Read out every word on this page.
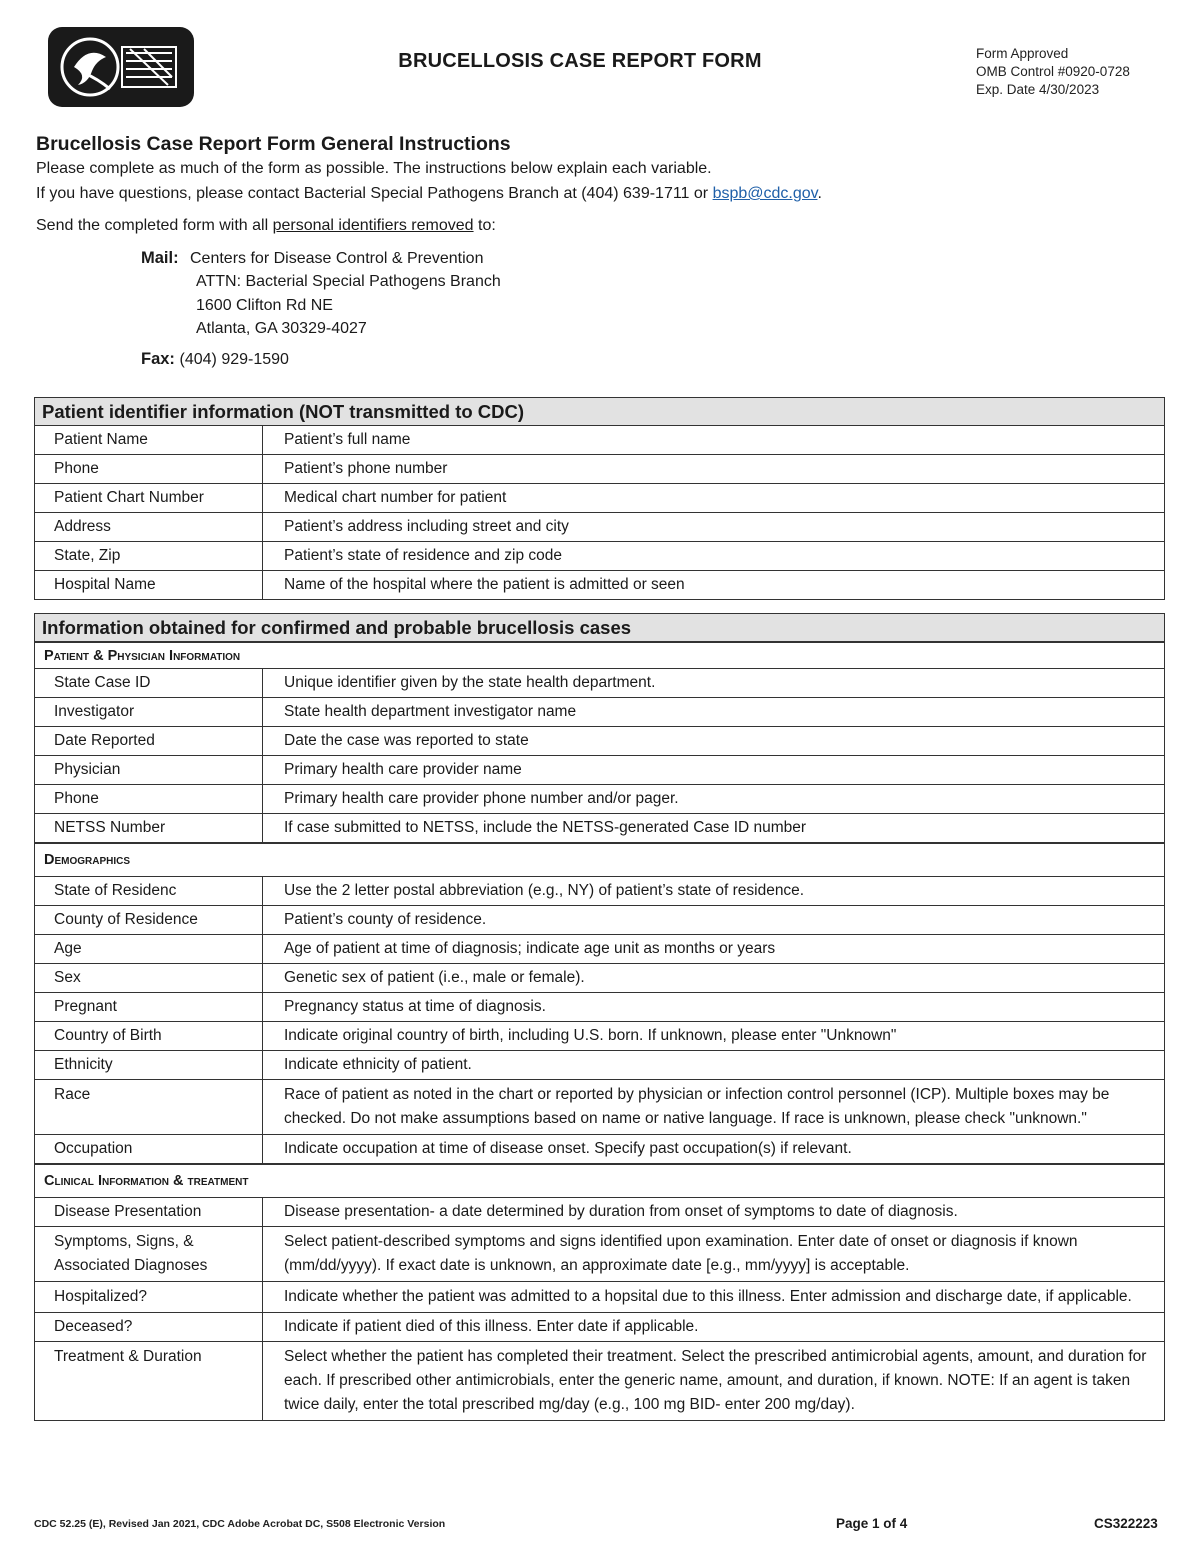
BRUCELLOSIS CASE REPORT FORM	Form Approved
OMB Control #0920-0728
Exp. Date 4/30/2023
Brucellosis Case Report Form General Instructions
Please complete as much of the form as possible. The instructions below explain each variable.
If you have questions, please contact Bacterial Special Pathogens Branch at (404) 639-1711 or bspb@cdc.gov.
Send the completed form with all personal identifiers removed to:
Mail: Centers for Disease Control & Prevention
ATTN: Bacterial Special Pathogens Branch
1600 Clifton Rd NE
Atlanta, GA 30329-4027
Fax: (404) 929-1590
Patient identifier information (NOT transmitted to CDC)	
Patient Name	Patient’s full name
Phone	Patient’s phone number
Patient Chart Number	Medical chart number for patient
Address	Patient’s address including street and city
State, Zip	Patient’s state of residence and zip code
Hospital Name	Name of the hospital where the patient is admitted or seen
Information obtained for confirmed and probable brucellosis cases	
Patient & Physician Information	
State Case ID	Unique identifier given by the state health department.
Investigator	State health department investigator name
Date Reported	Date the case was reported to state
Physician	Primary health care provider name
Phone	Primary health care provider phone number and/or pager.
NETSS Number	If case submitted to NETSS, include the NETSS-generated Case ID number
Demographics	
State of Residenc	Use the 2 letter postal abbreviation (e.g., NY) of patient’s state of residence.
County of Residence	Patient’s county of residence.
Age	Age of patient at time of diagnosis; indicate age unit as months or years
Sex	Genetic sex of patient (i.e., male or female).
Pregnant	Pregnancy status at time of diagnosis.
Country of Birth	Indicate original country of birth, including U.S. born. If unknown, please enter "Unknown"
Ethnicity	Indicate ethnicity of patient.
Race	Race of patient as noted in the chart or reported by physician or infection control personnel (ICP). Multiple boxes may be checked. Do not make assumptions based on name or native language. If race is unknown, please check "unknown."
Occupation	Indicate occupation at time of disease onset. Specify past occupation(s) if relevant.
Clinical Information & treatment	
Disease Presentation	Disease presentation- a date determined by duration from onset of symptoms to date of diagnosis.
Symptoms, Signs, & Associated Diagnoses	Select patient-described symptoms and signs identified upon examination. Enter date of onset or diagnosis if known (mm/dd/yyyy). If exact date is unknown, an approximate date [e.g., mm/yyyy] is acceptable.
Hospitalized?	Indicate whether the patient was admitted to a hopsital due to this illness. Enter admission and discharge date, if applicable.
Deceased?	Indicate if patient died of this illness. Enter date if applicable.
Treatment & Duration	Select whether the patient has completed their treatment. Select the prescribed antimicrobial agents, amount, and duration for each. If prescribed other antimicrobials, enter the generic name, amount, and duration, if known. NOTE: If an agent is taken twice daily, enter the total prescribed mg/day (e.g., 100 mg BID- enter 200 mg/day).
CDC 52.25 (E), Revised Jan 2021, CDC Adobe Acrobat DC, S508 Electronic Version	Page 1 of 4	CS322223
